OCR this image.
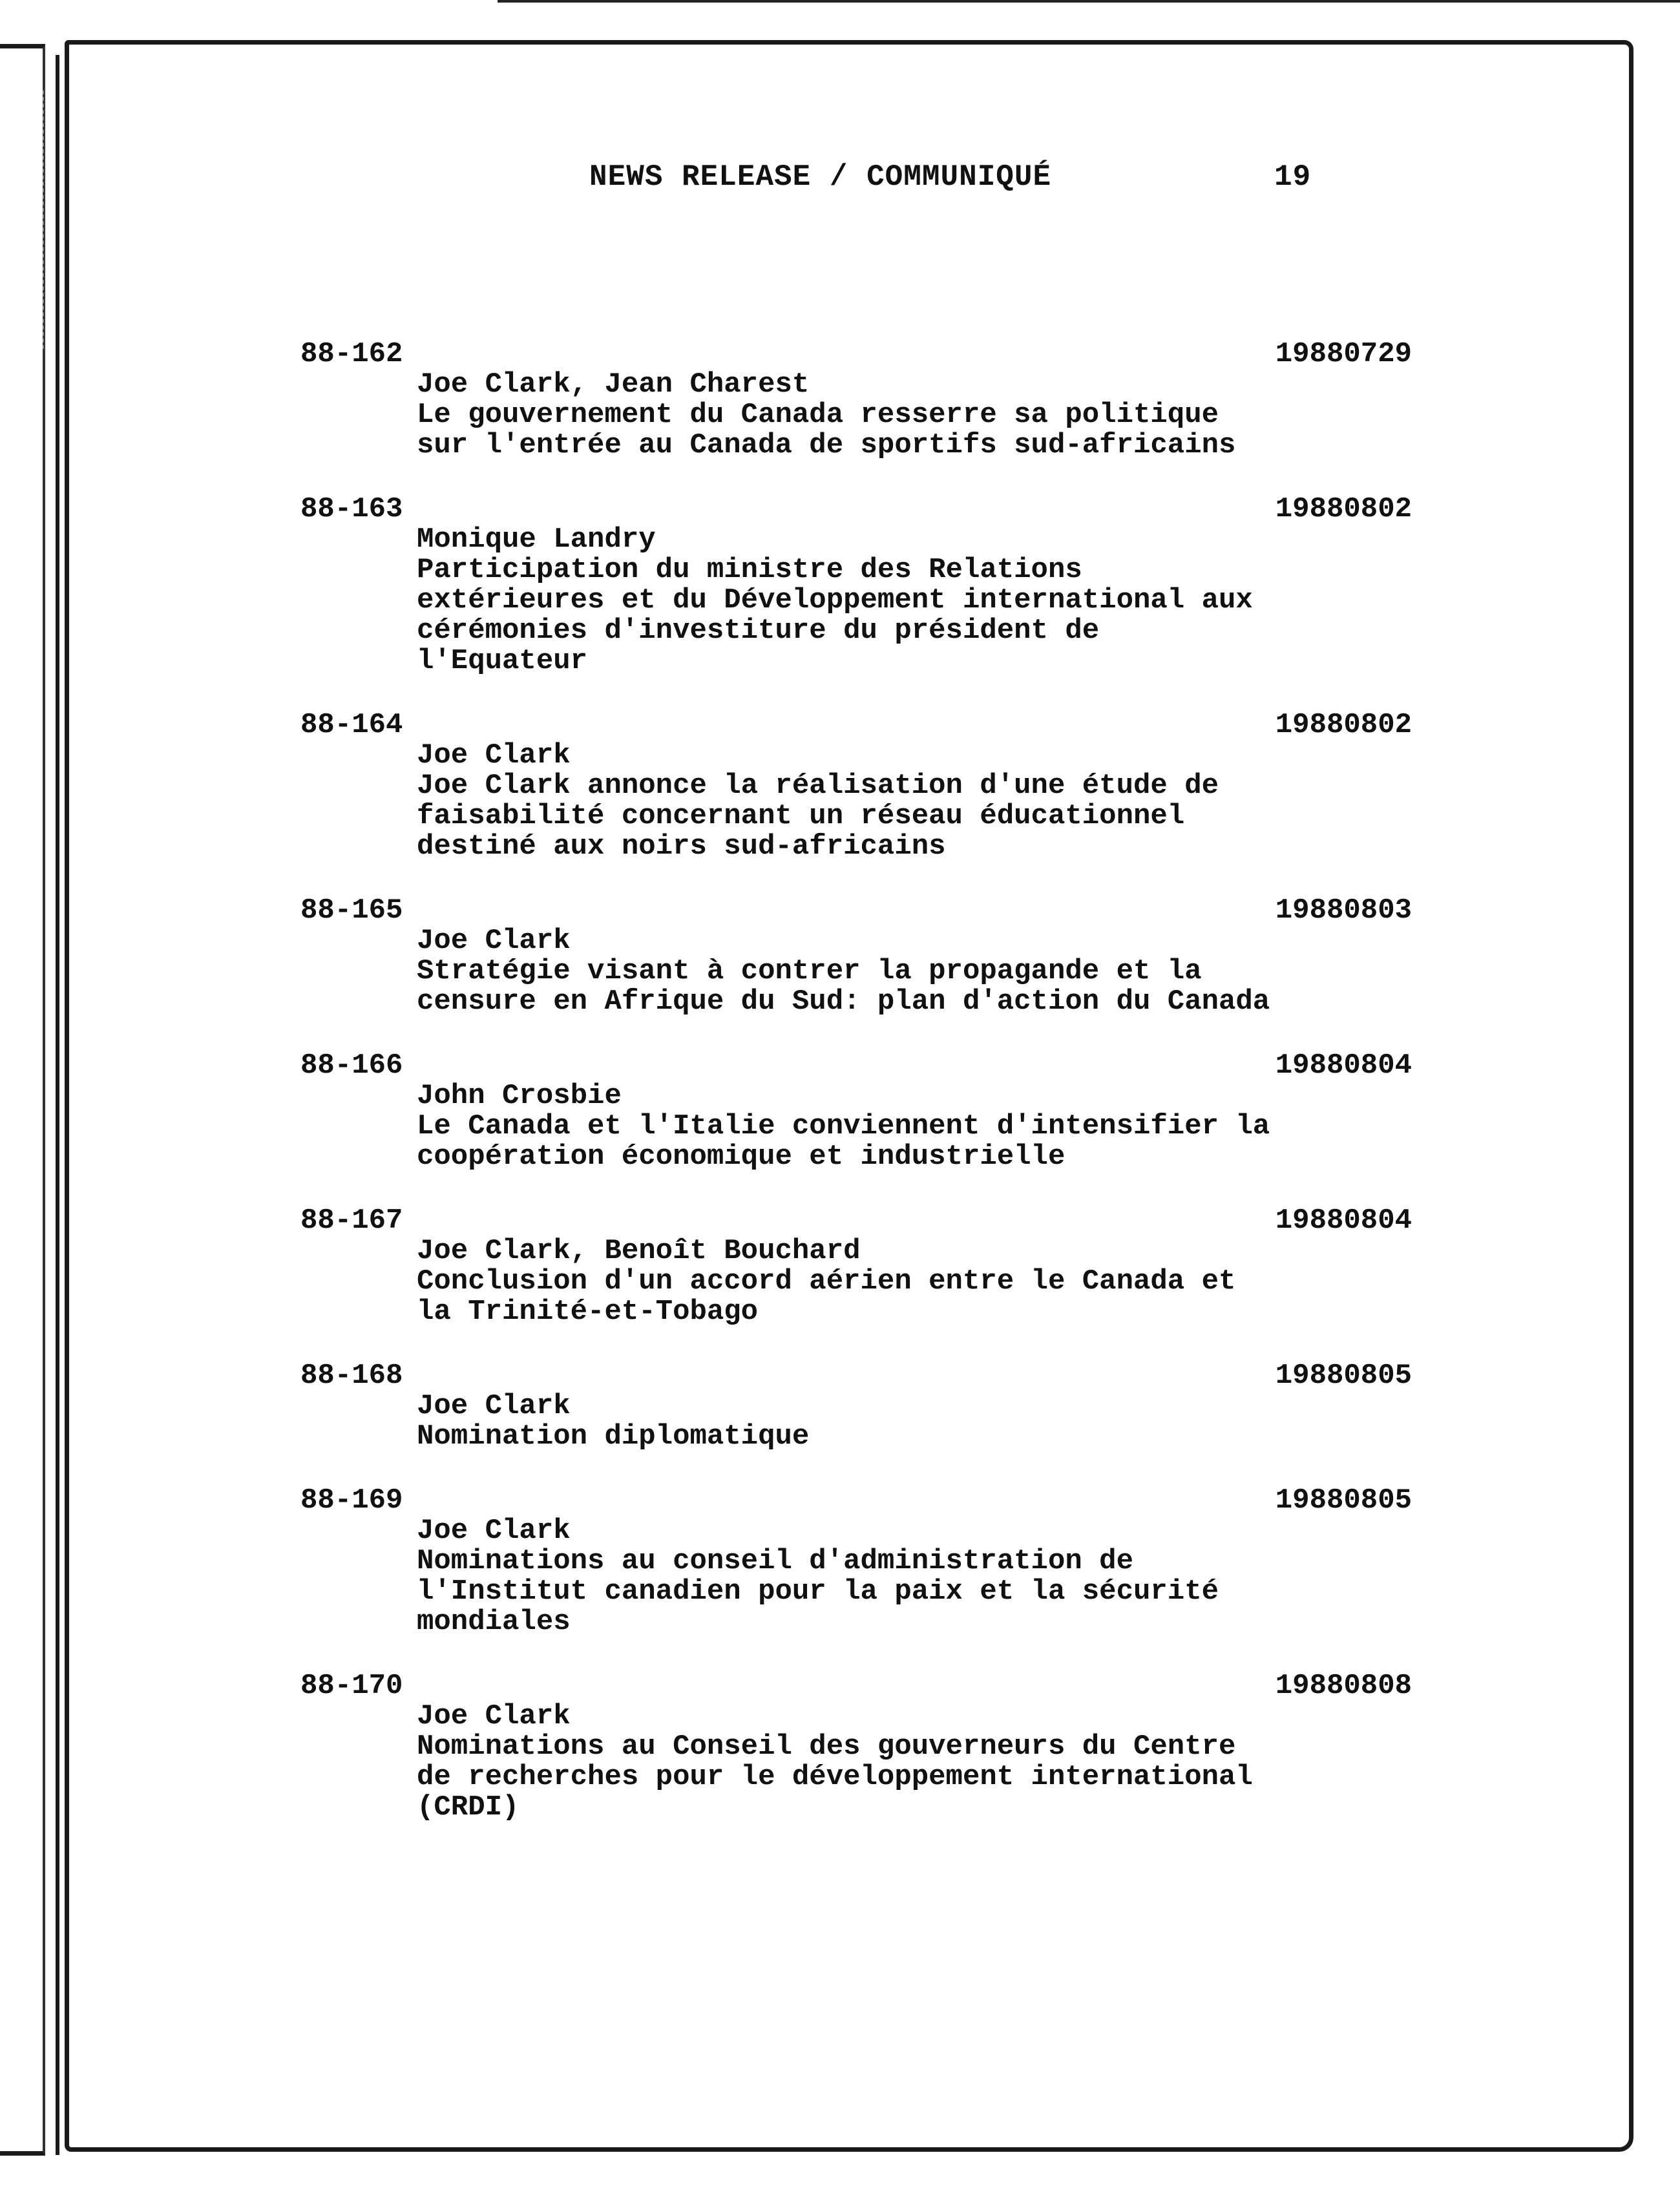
NEWS RELEASE / COMMUNIQUÉ	19
88-162	19880729
Joe Clark, Jean Charest
Le gouvernement du Canada resserre sa politique
sur l'entrée au Canada de sportifs sud-africains
88-163	19880802
Monique Landry
Participation du ministre des Relations
extérieures et du Développement international aux
cérémonies d'investiture du président de
l'Equateur
88-164	19880802
Joe Clark
Joe Clark annonce la réalisation d'une étude de
faisabilité concernant un réseau éducationnel
destiné aux noirs sud-africains
88-165	19880803
Joe Clark
Stratégie visant à contrer la propagande et la
censure en Afrique du Sud: plan d'action du Canada
88-166	19880804
John Crosbie
Le Canada et l'Italie conviennent d'intensifier la
coopération économique et industrielle
88-167	19880804
Joe Clark, Benoît Bouchard
Conclusion d'un accord aérien entre le Canada et
la Trinité-et-Tobago
88-168	19880805
Joe Clark
Nomination diplomatique
88-169	19880805
Joe Clark
Nominations au conseil d'administration de
l'Institut canadien pour la paix et la sécurité
mondiales
88-170	19880808
Joe Clark
Nominations au Conseil des gouverneurs du Centre
de recherches pour le développement international
(CRDI)
